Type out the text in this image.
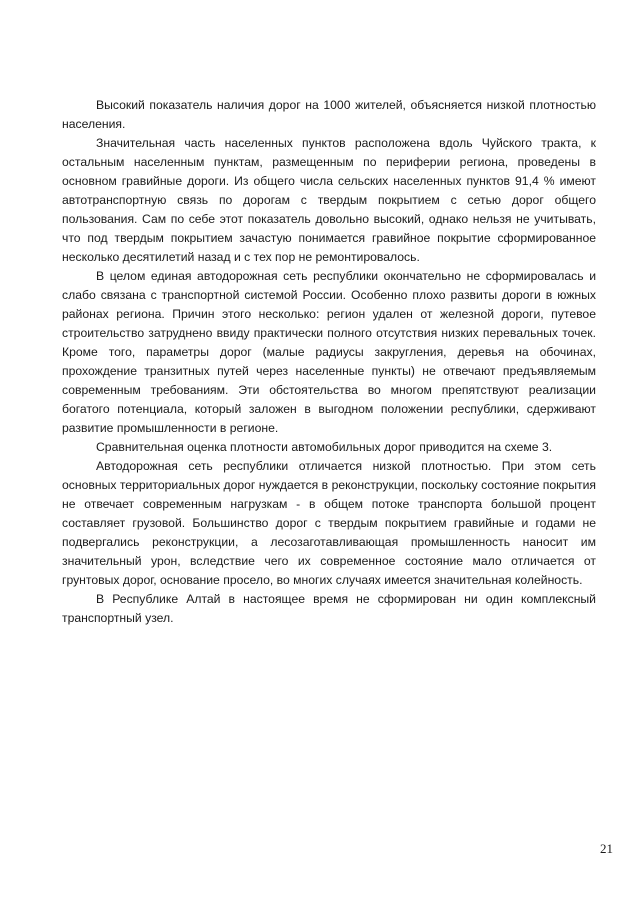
Высокий показатель наличия дорог на 1000 жителей, объясняется низкой плотностью населения.

Значительная часть населенных пунктов расположена вдоль Чуйского тракта, к остальным населенным пунктам, размещенным по периферии региона, проведены в основном гравийные дороги. Из общего числа сельских населенных пунктов 91,4 % имеют автотранспортную связь по дорогам с твердым покрытием с сетью дорог общего пользования. Сам по себе этот показатель довольно высокий, однако нельзя не учитывать, что под твердым покрытием зачастую понимается гравийное покрытие сформированное несколько десятилетий назад и с тех пор не ремонтировалось.

В целом единая автодорожная сеть республики окончательно не сформировалась и слабо связана с транспортной системой России. Особенно плохо развиты дороги в южных районах региона. Причин этого несколько: регион удален от железной дороги, путевое строительство затруднено ввиду практически полного отсутствия низких перевальных точек. Кроме того, параметры дорог (малые радиусы закругления, деревья на обочинах, прохождение транзитных путей через населенные пункты) не отвечают предъявляемым современным требованиям. Эти обстоятельства во многом препятствуют реализации богатого потенциала, который заложен в выгодном положении республики, сдерживают развитие промышленности в регионе.

Сравнительная оценка плотности автомобильных дорог приводится на схеме 3.

Автодорожная сеть республики отличается низкой плотностью. При этом сеть основных территориальных дорог нуждается в реконструкции, поскольку состояние покрытия не отвечает современным нагрузкам - в общем потоке транспорта большой процент составляет грузовой. Большинство дорог с твердым покрытием гравийные и годами не подвергались реконструкции, а лесозаготавливающая промышленность наносит им значительный урон, вследствие чего их современное состояние мало отличается от грунтовых дорог, основание просело, во многих случаях имеется значительная колейность.

В Республике Алтай в настоящее время не сформирован ни один комплексный транспортный узел.

21
